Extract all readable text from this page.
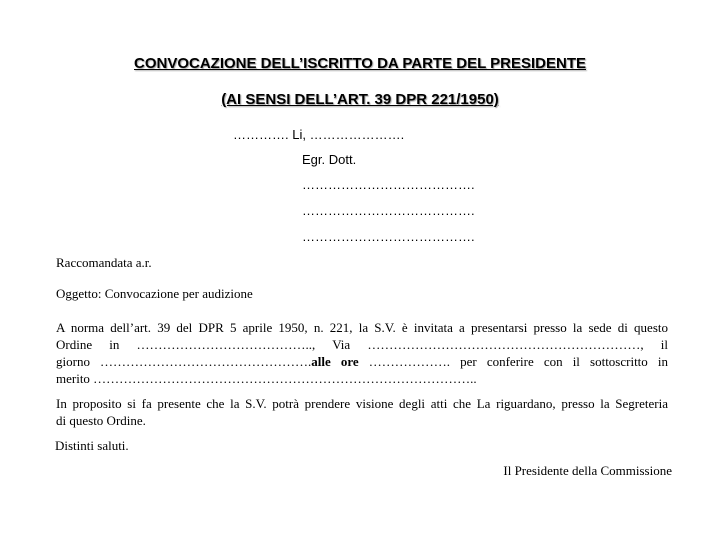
CONVOCAZIONE DELL’ISCRITTO DA PARTE DEL PRESIDENTE
(AI SENSI DELL’ART. 39 DPR 221/1950)
…………. Li, ………………….
Egr. Dott.
………………………………….
………………………………….
………………………………….
Raccomandata a.r.
Oggetto: Convocazione per audizione
A norma dell’art. 39 del DPR 5 aprile 1950, n. 221, la S.V. è invitata a presentarsi presso la sede di questo
Ordine in ………………………………….., Via ………………………………………………………, il
giorno ………………………………………….alle ore ………………. per conferire con il sottoscritto in
merito ……………………………………………………………………………..
In proposito si fa presente che la S.V. potrà prendere visione degli atti che La riguardano, presso la Segreteria
di questo Ordine.
Distinti saluti.
Il Presidente della Commissione
